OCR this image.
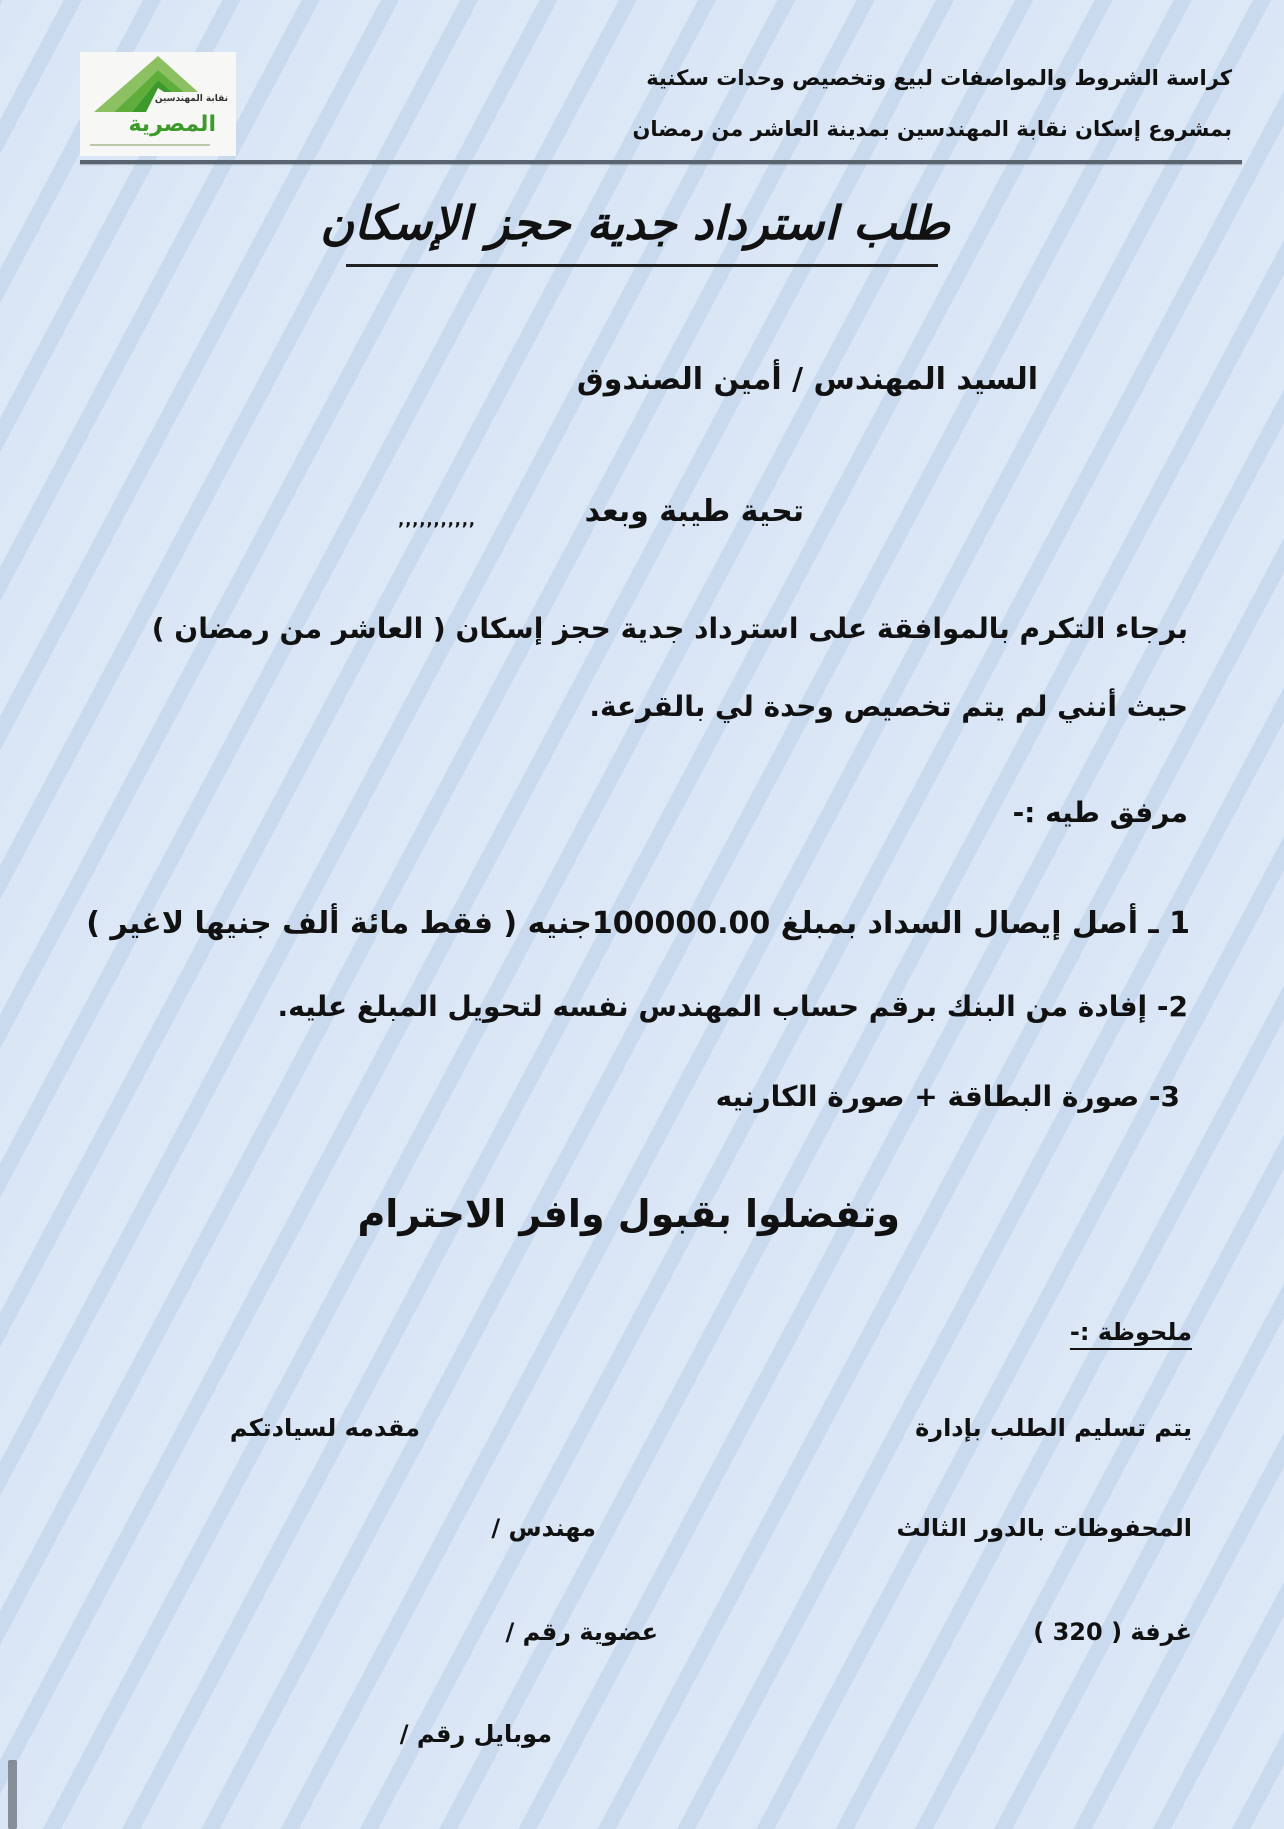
نقابة المهندسين
المصرية
كراسة الشروط والمواصفات لبيع وتخصيص وحدات سكنية
بمشروع إسكان نقابة المهندسين بمدينة العاشر من رمضان
طلب استرداد جدية حجز الإسكان
السيد المهندس / أمين الصندوق
تحية طيبة وبعد
,,,,,,,,,,,
برجاء التكرم بالموافقة على استرداد جدية حجز إسكان ( العاشر من رمضان )
حيث أنني لم يتم تخصيص وحدة لي بالقرعة.
مرفق طيه :-
1 ـ أصل إيصال السداد بمبلغ 100000.00جنيه ( فقط مائة ألف جنيها لاغير )
2- إفادة من البنك برقم حساب المهندس نفسه لتحويل المبلغ عليه.
3- صورة البطاقة + صورة الكارنيه
وتفضلوا بقبول وافر الاحترام
ملحوظة :-
يتم تسليم الطلب بإدارة
المحفوظات بالدور الثالث
غرفة ( 320 )
مقدمه لسيادتكم
مهندس /
عضوية رقم /
موبايل رقم /
